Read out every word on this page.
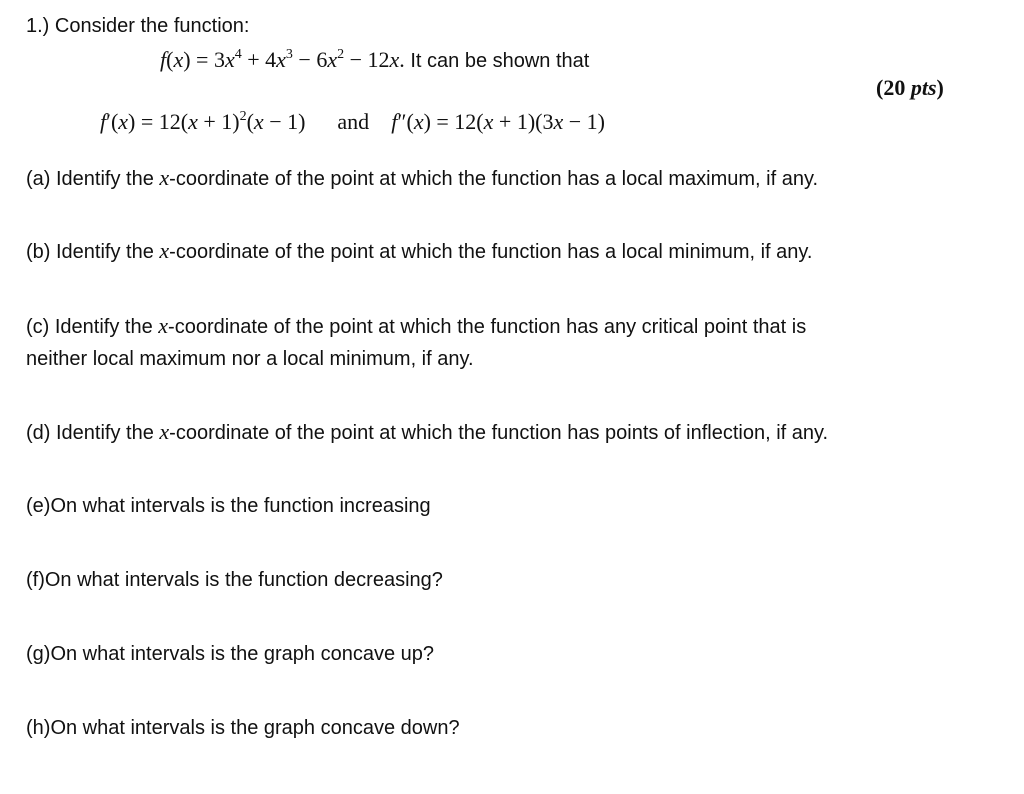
1.) Consider the function:
$f(x) = 3x^4 + 4x^3 - 6x^2 - 12x$. It can be shown that
(20 pts)
$f'(x) = 12(x + 1)^2(x - 1)$ and f″(x) = 12(x + 1)(3x − 1)
(a) Identify the x-coordinate of the point at which the function has a local maximum, if any.
(b) Identify the x-coordinate of the point at which the function has a local minimum, if any.
(c) Identify the x-coordinate of the point at which the function has any critical point that is
neither local maximum nor a local minimum, if any.
(d) Identify the x-coordinate of the point at which the function has points of inflection, if any.
(e)On what intervals is the function increasing
(f)On what intervals is the function decreasing?
(g)On what intervals is the graph concave up?
(h)On what intervals is the graph concave down?
